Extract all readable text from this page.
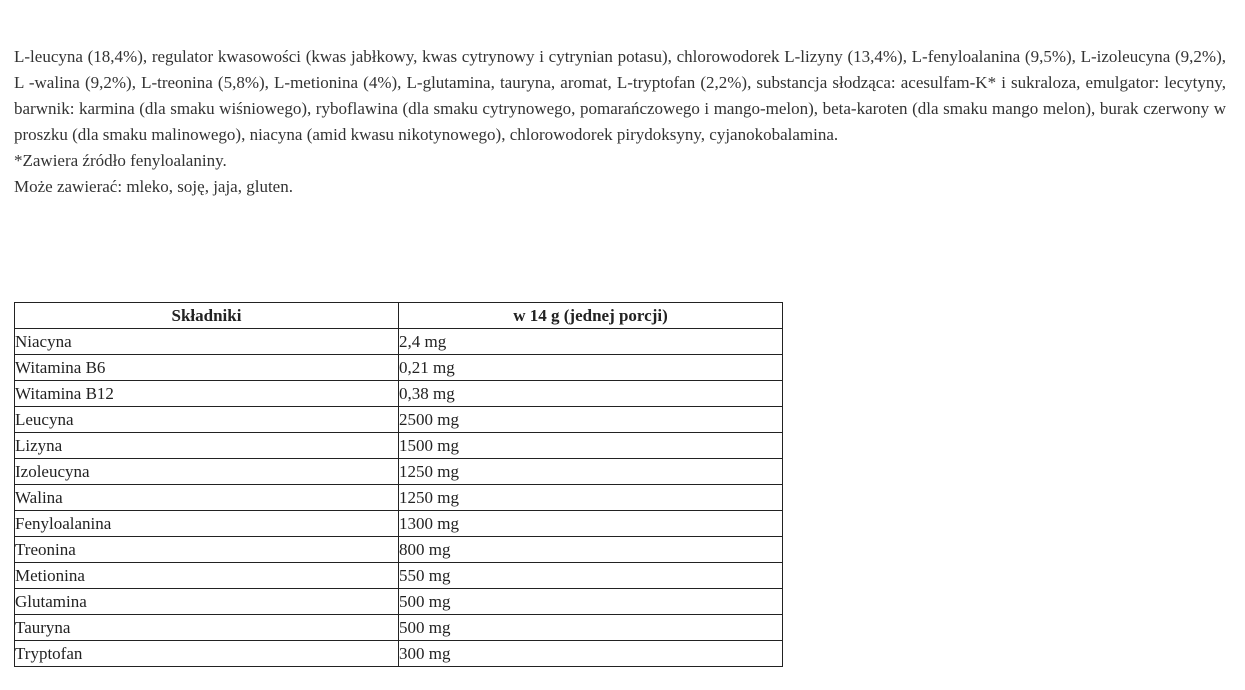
L-leucyna (18,4%), regulator kwasowości (kwas jabłkowy, kwas cytrynowy i cytrynian potasu), chlorowodorek L-lizyny (13,4%), L-fenyloalanina (9,5%), L-izoleucyna (9,2%), L -walina (9,2%), L-treonina (5,8%), L-metionina (4%), L-glutamina, tauryna, aromat, L-tryptofan (2,2%), substancja słodząca: acesulfam-K* i sukraloza, emulgator: lecytyny, barwnik: karmina (dla smaku wiśniowego), ryboflawina (dla smaku cytrynowego, pomarańczowego i mango-melon), beta-karoten (dla smaku mango melon), burak czerwony w proszku (dla smaku malinowego), niacyna (amid kwasu nikotynowego), chlorowodorek pirydoksyny, cyjanokobalamina.

*Zawiera źródło fenyloalaniny.

Może zawierać: mleko, soję, jaja, gluten.

Składniki	w 14 g (jednej porcji)
Niacyna	2,4 mg
Witamina B6	0,21 mg
Witamina B12	0,38 mg
Leucyna	2500 mg
Lizyna	1500 mg
Izoleucyna	1250 mg
Walina	1250 mg
Fenyloalanina	1300 mg
Treonina	800 mg
Metionina	550 mg
Glutamina	500 mg
Tauryna	500 mg
Tryptofan	300 mg
